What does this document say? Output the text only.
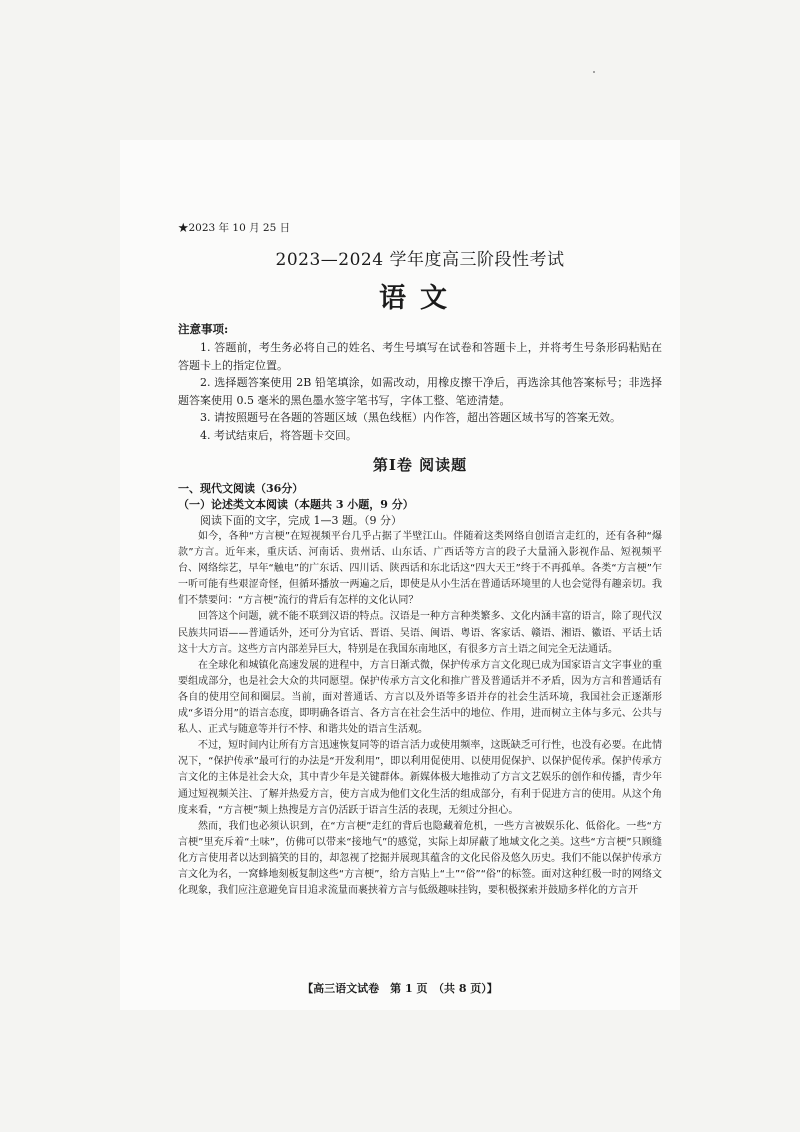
★2023 年 10 月 25 日
2023—2024 学年度高三阶段性考试
语文
注意事项:
1. 答题前，考生务必将自己的姓名、考生号填写在试卷和答题卡上，并将考生号条形码粘贴在答题卡上的指定位置。
2. 选择题答案使用 2B 铅笔填涂，如需改动，用橡皮擦干净后，再选涂其他答案标号；非选择题答案使用 0.5 毫米的黑色墨水签字笔书写，字体工整、笔迹清楚。
3. 请按照题号在各题的答题区域（黑色线框）内作答，超出答题区域书写的答案无效。
4. 考试结束后，将答题卡交回。
第Ⅰ卷 阅读题
一、现代文阅读（36分）
（一）论述类文本阅读（本题共 3 小题，9 分）
阅读下面的文字，完成 1—3 题。（9 分）

如今，各种“方言梗”在短视频平台几乎占据了半壁江山。伴随着这类网络自创语言走红的，还有各种“爆款”方言。近年来，重庆话、河南话、贵州话、山东话、广西话等方言的段子大量涌入影视作品、短视频平台、网络综艺，早年“触电”的广东话、四川话、陕西话和东北话这“四大天王”终于不再孤单。各类“方言梗”乍一听可能有些艰涩奇怪，但循环播放一两遍之后，即使是从小生活在普通话环境里的人也会觉得有趣亲切。我们不禁要问：“方言梗”流行的背后有怎样的文化认同？

回答这个问题，就不能不联到汉语的特点。汉语是一种方言种类繁多、文化内涵丰富的语言，除了现代汉民族共同语——普通话外，还可分为官话、晋语、吴语、闽语、粤语、客家话、赣语、湘语、徽语、平话土话这十大方言。这些方言内部差异巨大，特别是在我国东南地区，有很多方言土语之间完全无法通话。

在全球化和城镇化高速发展的进程中，方言日渐式微，保护传承方言文化现已成为国家语言文字事业的重要组成部分，也是社会大众的共同愿望。保护传承方言文化和推广普及普通话并不矛盾，因为方言和普通话有各自的使用空间和圈层。当前，面对普通话、方言以及外语等多语并存的社会生活环境，我国社会正逐渐形成“多语分用”的语言态度，即明确各语言、各方言在社会生活中的地位、作用，进而树立主体与多元、公共与私人、正式与随意等并行不悖、和谐共处的语言生活观。

不过，短时间内让所有方言迅速恢复同等的语言活力或使用频率，这既缺乏可行性，也没有必要。在此情况下，“保护传承”最可行的办法是“开发利用”，即以利用促使用、以使用促保护、以保护促传承。保护传承方言文化的主体是社会大众，其中青少年是关键群体。新媒体极大地推动了方言文艺娱乐的创作和传播，青少年通过短视频关注、了解并热爱方言，使方言成为他们文化生活的组成部分，有利于促进方言的使用。从这个角度来看，“方言梗”频上热搜是方言仍活跃于语言生活的表现，无须过分担心。

然而，我们也必须认识到，在“方言梗”走红的背后也隐藏着危机，一些方言被娱乐化、低俗化。一些“方言梗”里充斥着“土味”，仿佛可以带来“接地气”的感觉，实际上却屏蔽了地域文化之美。这些“方言梗”只顾缝化方言使用者以达到搞笑的目的，却忽视了挖掘并展现其蕴含的文化民俗及悠久历史。我们不能以保护传承方言文化为名，一窝蜂地刻板复制这些“方言梗”，给方言贴上“土”“俗”“俗”的标签。面对这种红极一时的网络文化现象，我们应注意避免盲目追求流量而裹挟着方言与低级趣味挂钩，要积极探索并鼓励多样化的方言开

【高三语文试卷　第 1 页　（共 8 页）】
